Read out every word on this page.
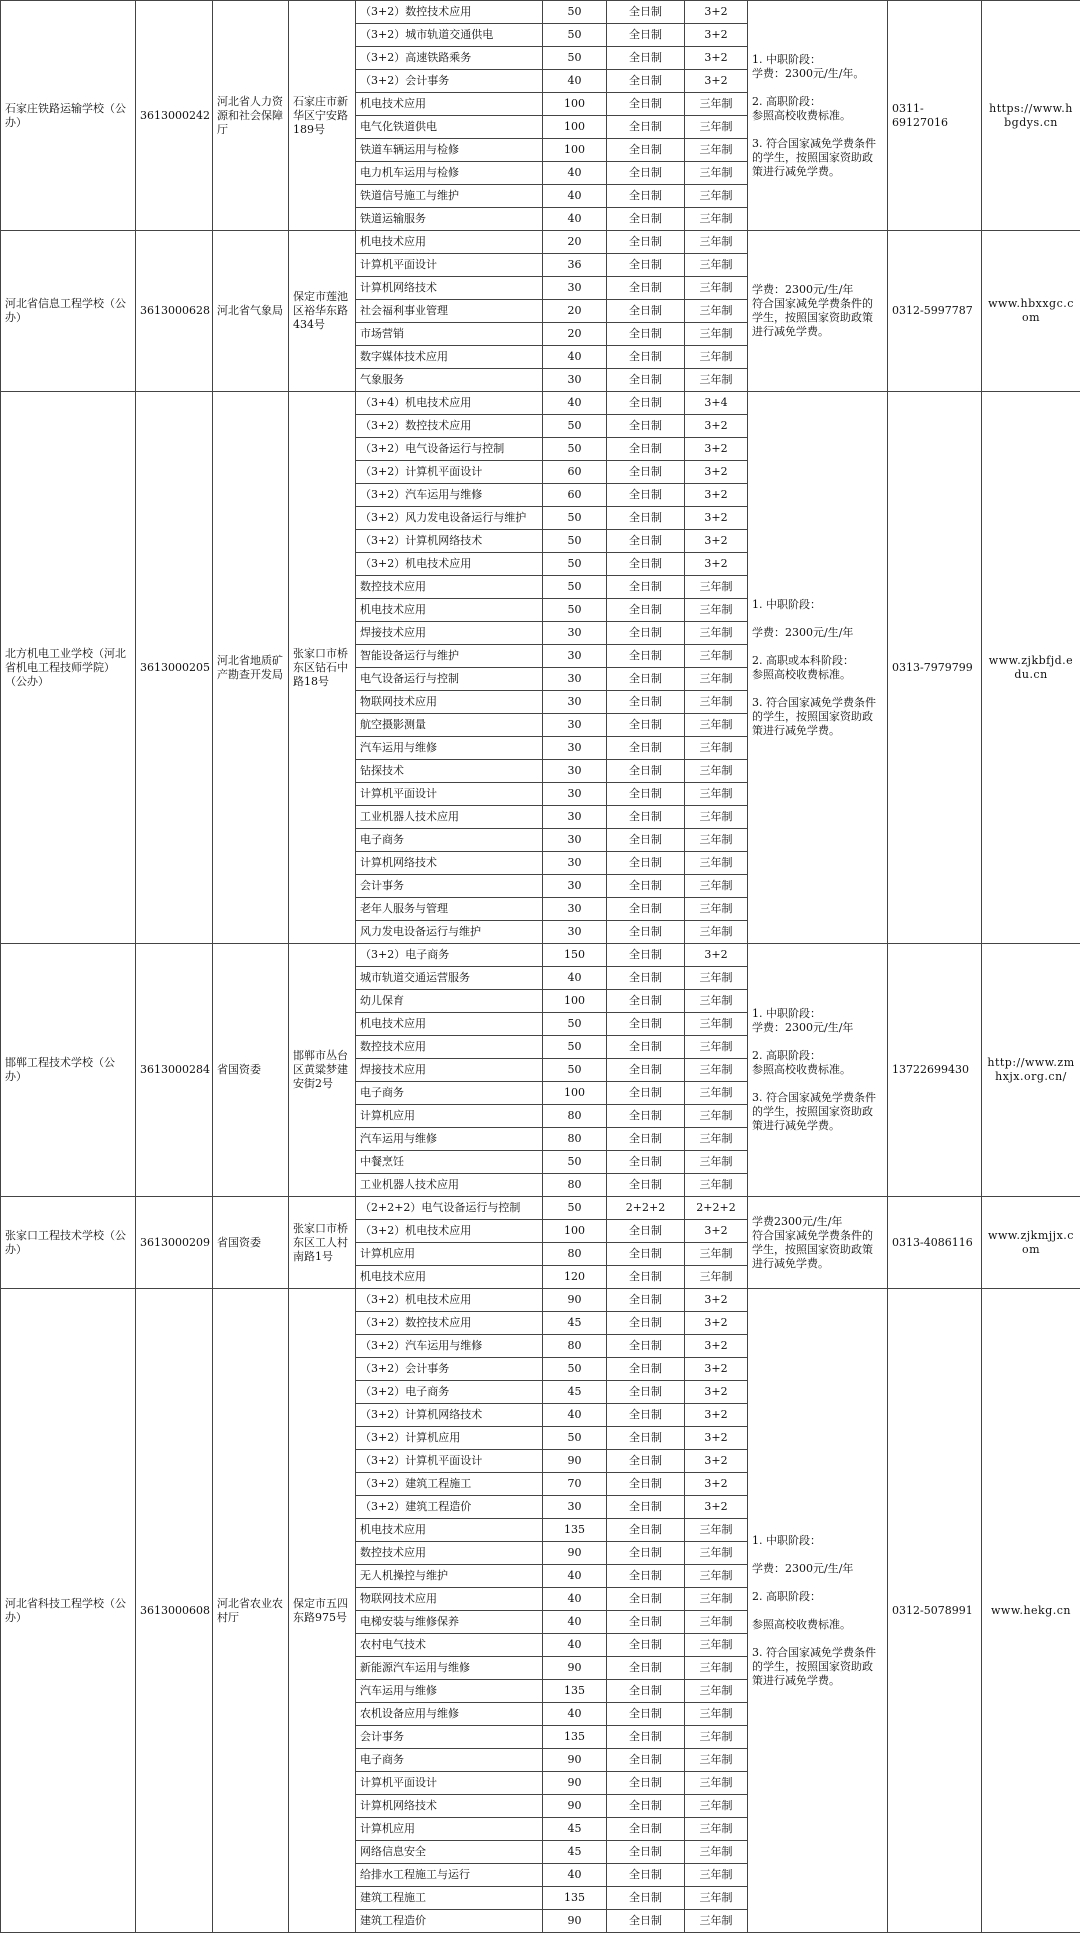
石家庄铁路运输学校（公办）	3613000242	河北省人力资源和社会保障厅	石家庄市新华区宁安路189号	（3+2）数控技术应用	50	全日制	3+2	1. 中职阶段：
学费：2300元/生/年。
2. 高职阶段：
参照高校收费标准。
3. 符合国家减免学费条件的学生，按照国家资助政策进行减免学费。	0311-69127016	https://www.hbgdys.cn
				（3+2）城市轨道交通供电	50	全日制	3+2			
				（3+2）高速铁路乘务	50	全日制	3+2			
				（3+2）会计事务	40	全日制	3+2			
				机电技术应用	100	全日制	三年制			
				电气化铁道供电	100	全日制	三年制			
				铁道车辆运用与检修	100	全日制	三年制			
				电力机车运用与检修	40	全日制	三年制			
				铁道信号施工与维护	40	全日制	三年制			
				铁道运输服务	40	全日制	三年制			
河北省信息工程学校（公办）	3613000628	河北省气象局	保定市莲池区裕华东路434号	机电技术应用	20	全日制	三年制	学费：2300元/生/年
符合国家减免学费条件的学生，按照国家资助政策进行减免学费。	0312-5997787	www.hbxxgc.com
				计算机平面设计	36	全日制	三年制			
				计算机网络技术	30	全日制	三年制			
				社会福利事业管理	20	全日制	三年制			
				市场营销	20	全日制	三年制			
				数字媒体技术应用	40	全日制	三年制			
				气象服务	30	全日制	三年制			
北方机电工业学校（河北省机电工程技师学院）（公办）	3613000205	河北省地质矿产勘查开发局	张家口市桥东区钻石中路18号	（3+4）机电技术应用	40	全日制	3+4	1. 中职阶段：
学费：2300元/生/年
2. 高职或本科阶段：
参照高校收费标准。
3. 符合国家减免学费条件的学生，按照国家资助政策进行减免学费。	0313-7979799	www.zjkbfjd.edu.cn
				（3+2）数控技术应用	50	全日制	3+2			
				（3+2）电气设备运行与控制	50	全日制	3+2			
				（3+2）计算机平面设计	60	全日制	3+2			
				（3+2）汽车运用与维修	60	全日制	3+2			
				（3+2）风力发电设备运行与维护	50	全日制	3+2			
				（3+2）计算机网络技术	50	全日制	3+2			
				（3+2）机电技术应用	50	全日制	3+2			
				数控技术应用	50	全日制	三年制			
				机电技术应用	50	全日制	三年制			
				焊接技术应用	30	全日制	三年制			
				智能设备运行与维护	30	全日制	三年制			
				电气设备运行与控制	30	全日制	三年制			
				物联网技术应用	30	全日制	三年制			
				航空摄影测量	30	全日制	三年制			
				汽车运用与维修	30	全日制	三年制			
				钻探技术	30	全日制	三年制			
				计算机平面设计	30	全日制	三年制			
				工业机器人技术应用	30	全日制	三年制			
				电子商务	30	全日制	三年制			
				计算机网络技术	30	全日制	三年制			
				会计事务	30	全日制	三年制			
				老年人服务与管理	30	全日制	三年制			
				风力发电设备运行与维护	30	全日制	三年制			
邯郸工程技术学校（公办）	3613000284	省国资委	邯郸市丛台区黄粱梦建安街2号	（3+2）电子商务	150	全日制	3+2	1. 中职阶段：
学费：2300元/生/年
2. 高职阶段：
参照高校收费标准。
3. 符合国家减免学费条件的学生，按照国家资助政策进行减免学费。	13722699430	http://www.zmhxjx.org.cn/
				城市轨道交通运营服务	40	全日制	三年制			
				幼儿保育	100	全日制	三年制			
				机电技术应用	50	全日制	三年制			
				数控技术应用	50	全日制	三年制			
				焊接技术应用	50	全日制	三年制			
				电子商务	100	全日制	三年制			
				计算机应用	80	全日制	三年制			
				汽车运用与维修	80	全日制	三年制			
				中餐烹饪	50	全日制	三年制			
				工业机器人技术应用	80	全日制	三年制			
张家口工程技术学校（公办）	3613000209	省国资委	张家口市桥东区工人村南路1号	（2+2+2）电气设备运行与控制	50	2+2+2	2+2+2	学费2300元/生/年
符合国家减免学费条件的学生，按照国家资助政策进行减免学费。	0313-4086116	www.zjkmjjx.com
				（3+2）机电技术应用	100	全日制	3+2			
				计算机应用	80	全日制	三年制			
				机电技术应用	120	全日制	三年制			
河北省科技工程学校（公办）	3613000608	河北省农业农村厅	保定市五四东路975号	（3+2）机电技术应用	90	全日制	3+2	1. 中职阶段：
学费：2300元/生/年
2. 高职阶段：
参照高校收费标准。
3. 符合国家减免学费条件的学生，按照国家资助政策进行减免学费。	0312-5078991	www.hekg.cn
				（3+2）数控技术应用	45	全日制	3+2			
				（3+2）汽车运用与维修	80	全日制	3+2			
				（3+2）会计事务	50	全日制	3+2			
				（3+2）电子商务	45	全日制	3+2			
				（3+2）计算机网络技术	40	全日制	3+2			
				（3+2）计算机应用	50	全日制	3+2			
				（3+2）计算机平面设计	90	全日制	3+2			
				（3+2）建筑工程施工	70	全日制	3+2			
				（3+2）建筑工程造价	30	全日制	3+2			
				机电技术应用	135	全日制	三年制			
				数控技术应用	90	全日制	三年制			
				无人机操控与维护	40	全日制	三年制			
				物联网技术应用	40	全日制	三年制			
				电梯安装与维修保养	40	全日制	三年制			
				农村电气技术	40	全日制	三年制			
				新能源汽车运用与维修	90	全日制	三年制			
				汽车运用与维修	135	全日制	三年制			
				农机设备应用与维修	40	全日制	三年制			
				会计事务	135	全日制	三年制			
				电子商务	90	全日制	三年制			
				计算机平面设计	90	全日制	三年制			
				计算机网络技术	90	全日制	三年制			
				计算机应用	45	全日制	三年制			
				网络信息安全	45	全日制	三年制			
				给排水工程施工与运行	40	全日制	三年制			
				建筑工程施工	135	全日制	三年制			
				建筑工程造价	90	全日制	三年制			
